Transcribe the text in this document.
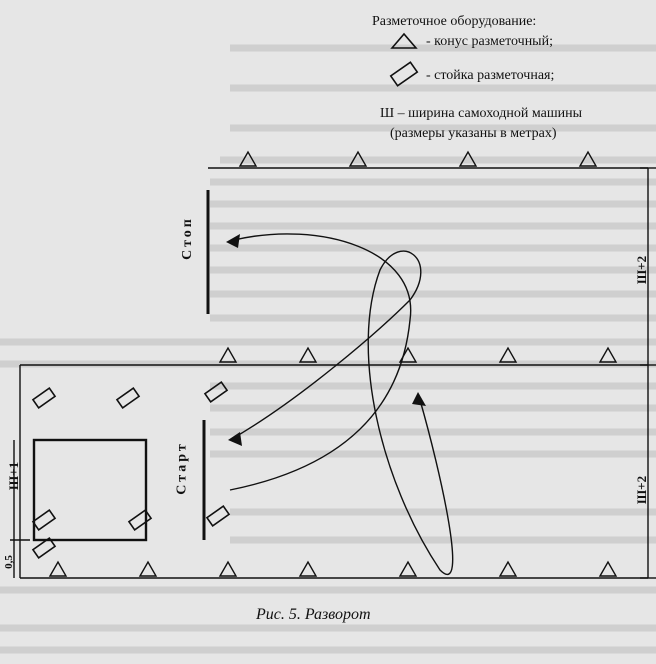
Разметочное оборудование:
- конус разметочный;
- стойка разметочная;
Ш – ширина самоходной машины
(размеры указаны в метрах)
Стоп
Старт
Ш+2
Ш+2
Ш+1
0,5
Рис. 5. Разворот
